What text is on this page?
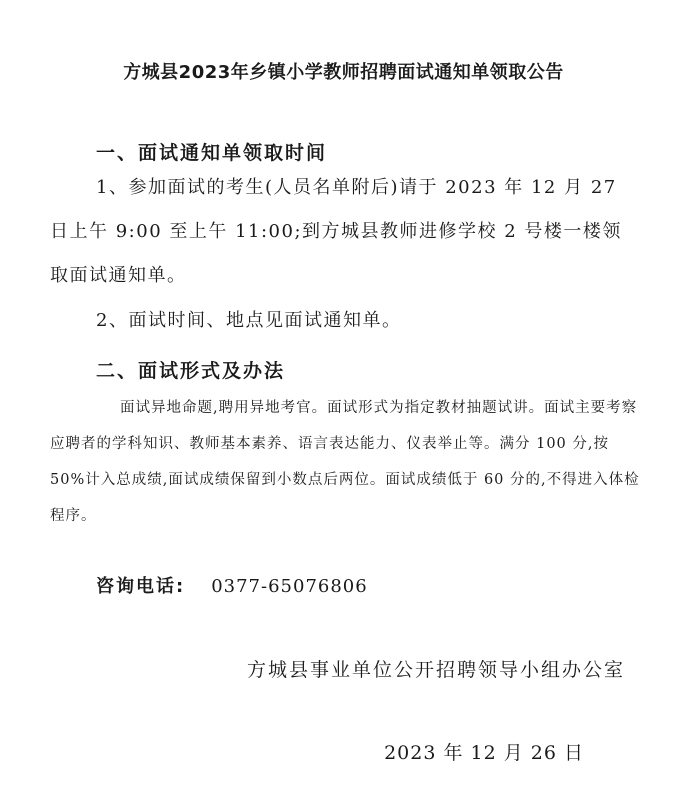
方城县2023年乡镇小学教师招聘面试通知单领取公告
一、面试通知单领取时间

1、参加面试的考生(人员名单附后)请于 2023 年 12 月 27 日上午 9:00 至上午 11:00;到方城县教师进修学校 2 号楼一楼领取面试通知单。

2、面试时间、地点见面试通知单。

二、面试形式及办法

面试异地命题,聘用异地考官。面试形式为指定教材抽题试讲。面试主要考察应聘者的学科知识、教师基本素养、语言表达能力、仪表举止等。满分 100 分,按 50%计入总成绩,面试成绩保留到小数点后两位。面试成绩低于 60 分的,不得进入体检程序。

咨询电话: 0377-65076806
方城县事业单位公开招聘领导小组办公室
2023 年 12 月 26 日
